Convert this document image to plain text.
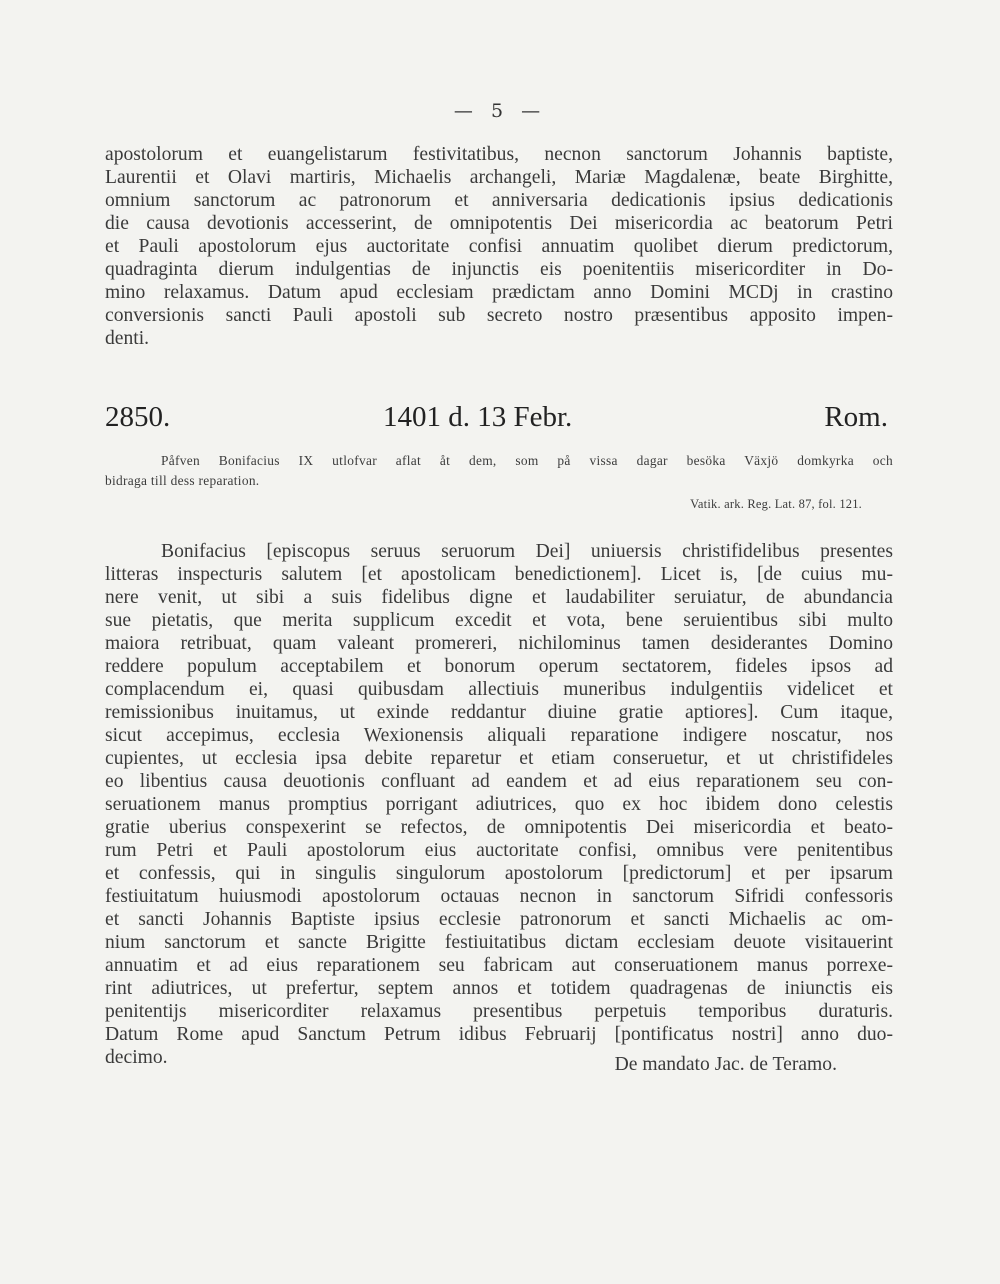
— 5 —
apostolorum et euangelistarum festivitatibus, necnon sanctorum Johannis baptiste,
Laurentii et Olavi martiris, Michaelis archangeli, Mariæ Magdalenæ, beate Birghitte,
omnium sanctorum ac patronorum et anniversaria dedicationis ipsius dedicationis
die causa devotionis accesserint, de omnipotentis Dei misericordia ac beatorum Petri
et Pauli apostolorum ejus auctoritate confisi annuatim quolibet dierum predictorum,
quadraginta dierum indulgentias de injunctis eis poenitentiis misericorditer in Do-
mino relaxamus. Datum apud ecclesiam prædictam anno Domini MCDj in crastino
conversionis sancti Pauli apostoli sub secreto nostro præsentibus apposito impen-
denti.
2850.	1401 d. 13 Febr.	Rom.
Påfven Bonifacius IX utlofvar aflat åt dem, som på vissa dagar besöka Växjö domkyrka och
bidraga till dess reparation.
Vatik. ark. Reg. Lat. 87, fol. 121.
Bonifacius [episcopus seruus seruorum Dei] uniuersis christifidelibus presentes
litteras inspecturis salutem [et apostolicam benedictionem]. Licet is, [de cuius mu-
nere venit, ut sibi a suis fidelibus digne et laudabiliter seruiatur, de abundancia
sue pietatis, que merita supplicum excedit et vota, bene seruientibus sibi multo
maiora retribuat, quam valeant promereri, nichilominus tamen desiderantes Domino
reddere populum acceptabilem et bonorum operum sectatorem, fideles ipsos ad
complacendum ei, quasi quibusdam allectiuis muneribus indulgentiis videlicet et
remissionibus inuitamus, ut exinde reddantur diuine gratie aptiores]. Cum itaque,
sicut accepimus, ecclesia Wexionensis aliquali reparatione indigere noscatur, nos
cupientes, ut ecclesia ipsa debite reparetur et etiam conseruetur, et ut christifideles
eo libentius causa deuotionis confluant ad eandem et ad eius reparationem seu con-
seruationem manus promptius porrigant adiutrices, quo ex hoc ibidem dono celestis
gratie uberius conspexerint se refectos, de omnipotentis Dei misericordia et beato-
rum Petri et Pauli apostolorum eius auctoritate confisi, omnibus vere penitentibus
et confessis, qui in singulis singulorum apostolorum [predictorum] et per ipsarum
festiuitatum huiusmodi apostolorum octauas necnon in sanctorum Sifridi confessoris
et sancti Johannis Baptiste ipsius ecclesie patronorum et sancti Michaelis ac om-
nium sanctorum et sancte Brigitte festiuitatibus dictam ecclesiam deuote visitauerint
annuatim et ad eius reparationem seu fabricam aut conseruationem manus porrexe-
rint adiutrices, ut prefertur, septem annos et totidem quadragenas de iniunctis eis
penitentijs misericorditer relaxamus presentibus perpetuis temporibus duraturis.
Datum Rome apud Sanctum Petrum idibus Februarij [pontificatus nostri] anno duo-
decimo.	De mandato Jac. de Teramo.
